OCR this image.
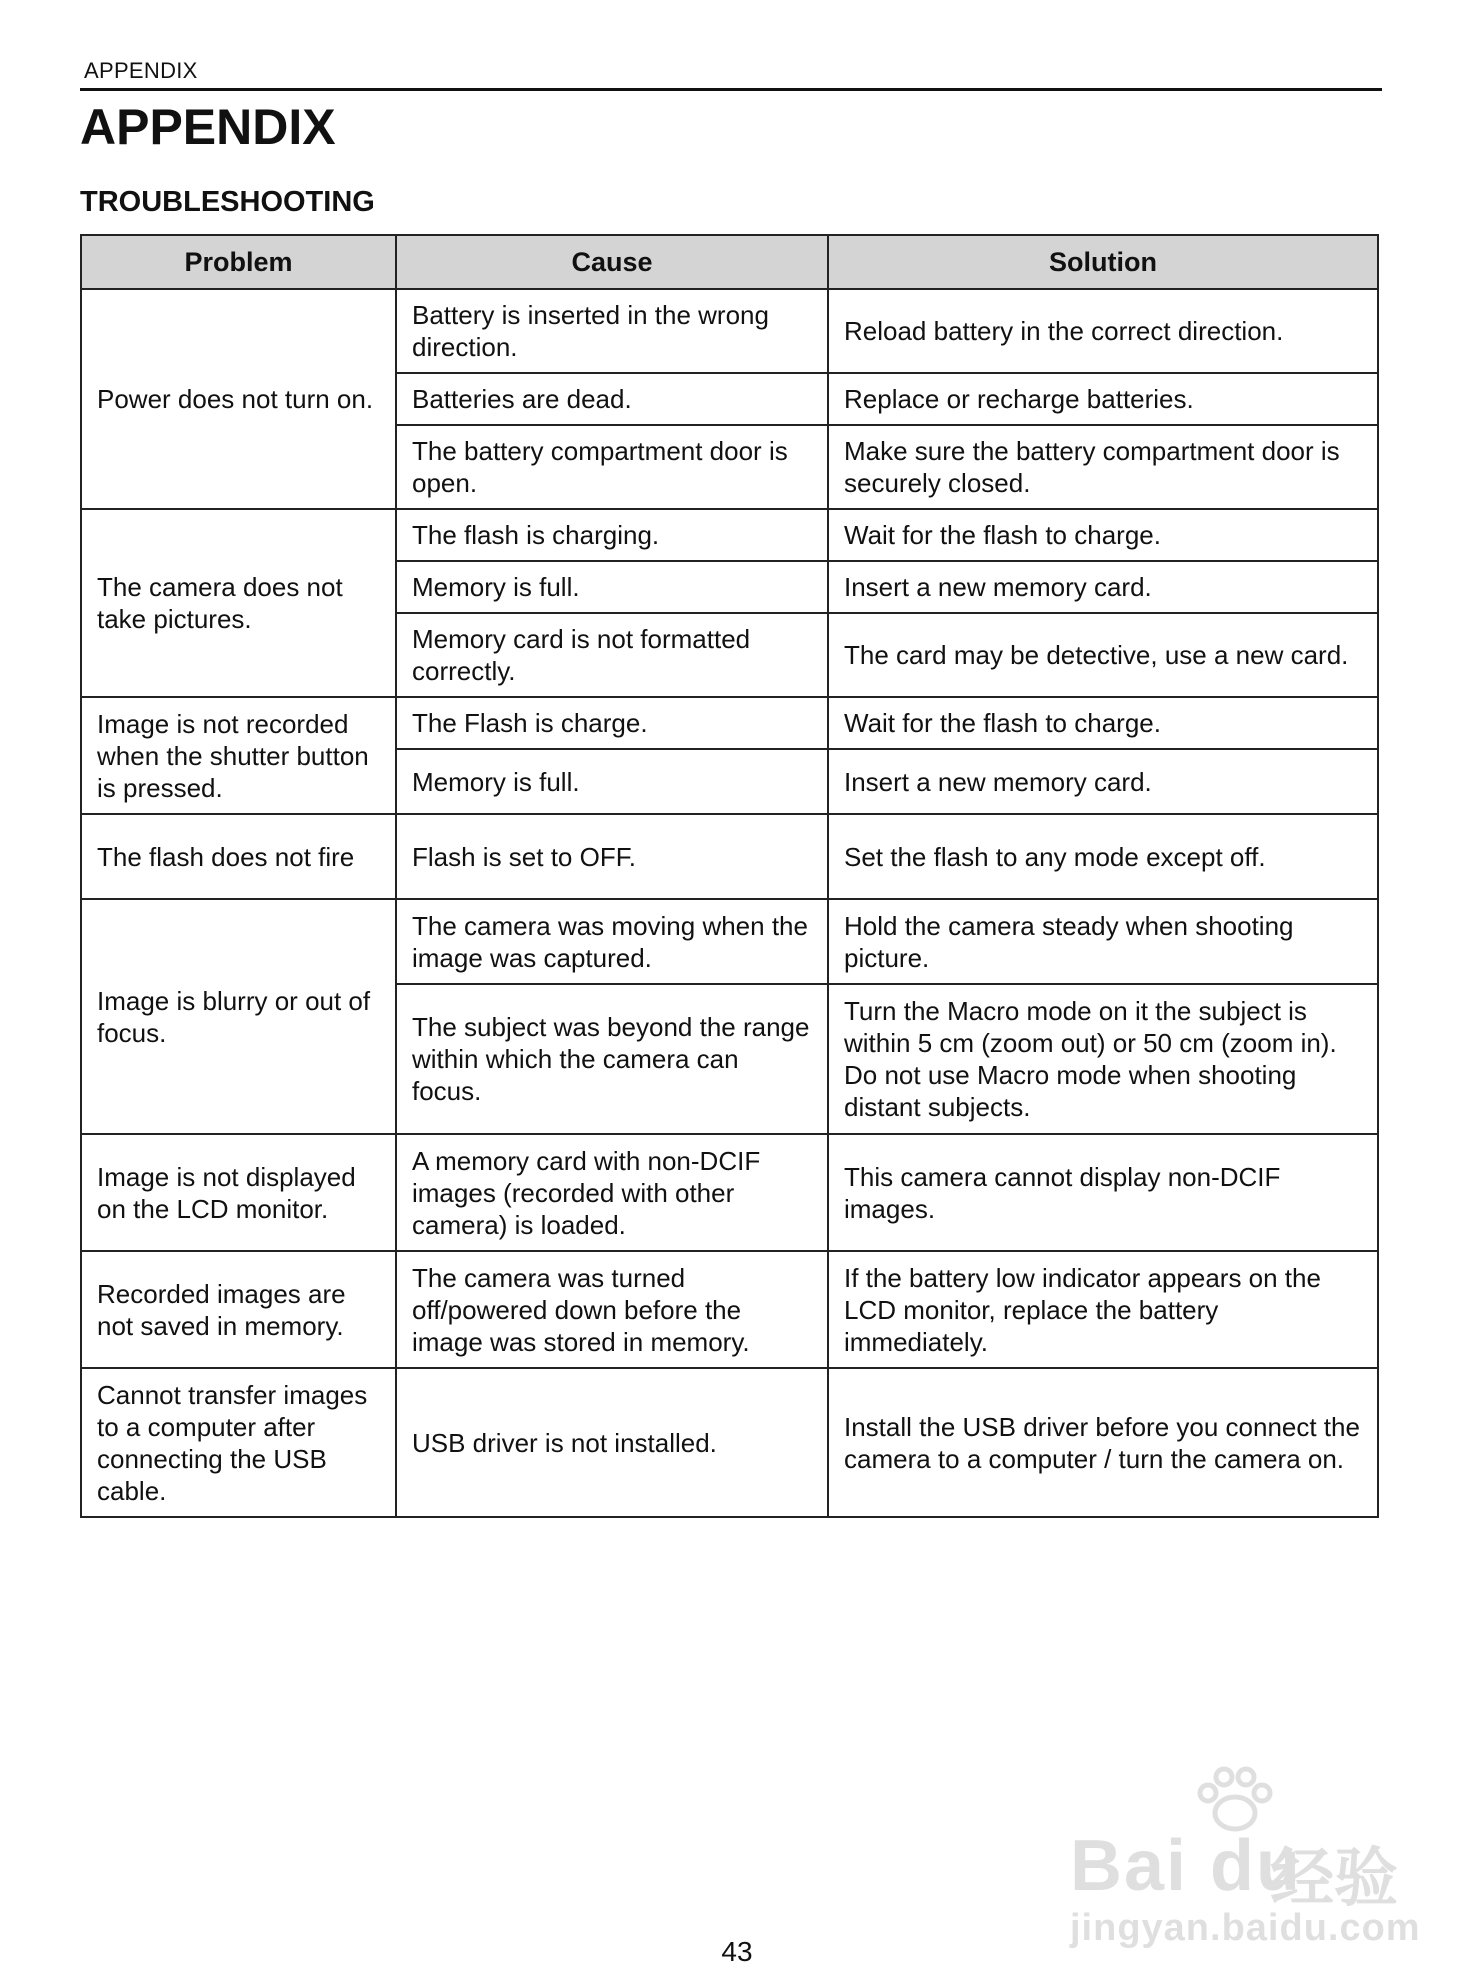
APPENDIX
APPENDIX
TROUBLESHOOTING
Problem	Cause	Solution
Power does not turn on.	Battery is inserted in the wrong direction.	Reload battery in the correct direction.
	Batteries are dead.	Replace or recharge batteries.
	The battery compartment door is open.	Make sure the battery compartment door is securely closed.
The camera does not take pictures.	The flash is charging.	Wait for the flash to charge.
	Memory is full.	Insert a new memory card.
	Memory card is not formatted correctly.	The card may be detective, use a new card.
Image is not recorded when the shutter button is pressed.	The Flash is charge.	Wait for the flash to charge.
	Memory is full.	Insert a new memory card.
The flash does not fire	Flash is set to OFF.	Set the flash to any mode except off.
Image is blurry or out of focus.	The camera was moving when the image was captured.	Hold the camera steady when shooting picture.
	The subject was beyond the range within which the camera can focus.	Turn the Macro mode on it the subject is within 5 cm (zoom out) or 50 cm (zoom in). Do not use Macro mode when shooting distant subjects.
Image is not displayed on the LCD monitor.	A memory card with non-DCIF images (recorded with other camera) is loaded.	This camera cannot display non-DCIF images.
Recorded images are not saved in memory.	The camera was turned off/powered down before the image was stored in memory.	If the battery low indicator appears on the LCD monitor, replace the battery immediately.
Cannot transfer images to a computer after connecting the USB cable.	USB driver is not installed.	Install the USB driver before you connect the camera to a computer / turn the camera on.
43
Bai du
经验
jingyan.baidu.com
